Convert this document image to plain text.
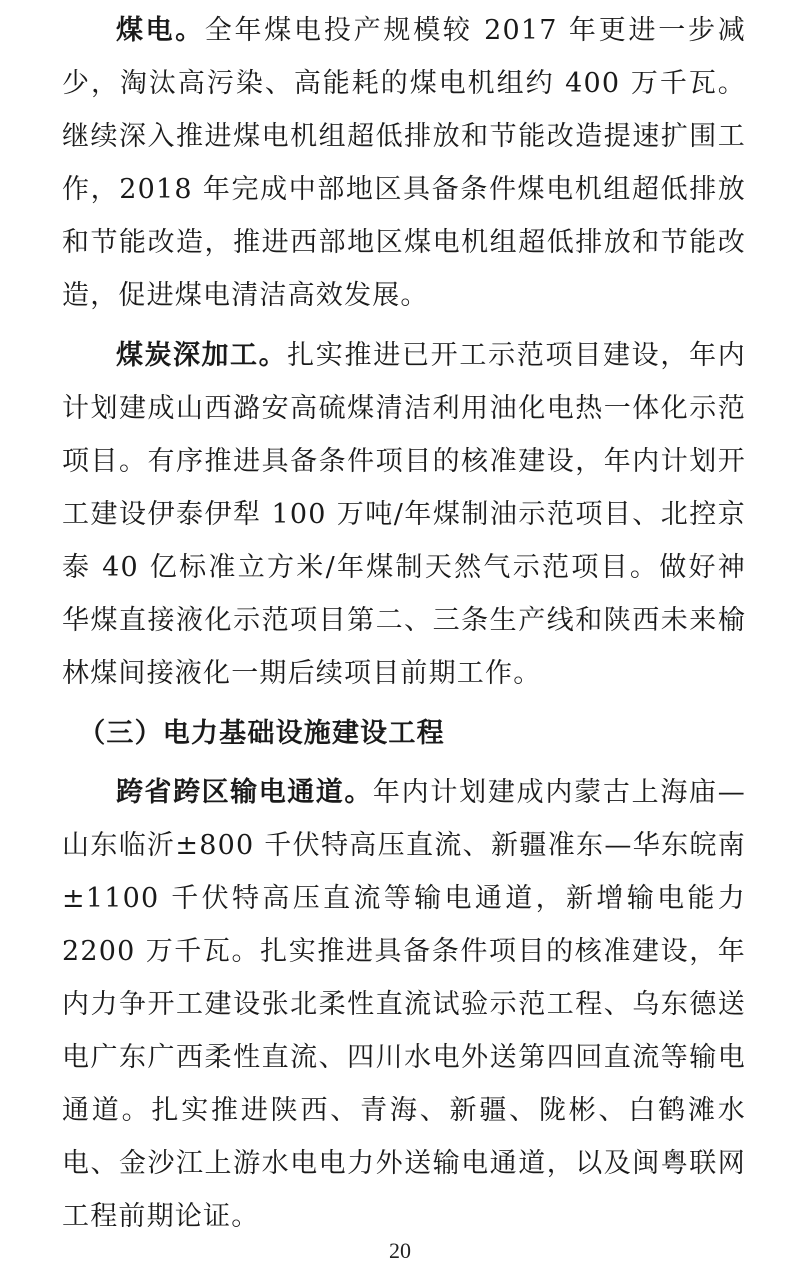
煤电。全年煤电投产规模较 2017 年更进一步减少，淘汰高污染、高能耗的煤电机组约 400 万千瓦。继续深入推进煤电机组超低排放和节能改造提速扩围工作，2018 年完成中部地区具备条件煤电机组超低排放和节能改造，推进西部地区煤电机组超低排放和节能改造，促进煤电清洁高效发展。

煤炭深加工。扎实推进已开工示范项目建设，年内计划建成山西潞安高硫煤清洁利用油化电热一体化示范项目。有序推进具备条件项目的核准建设，年内计划开工建设伊泰伊犁 100 万吨/年煤制油示范项目、北控京泰 40 亿标准立方米/年煤制天然气示范项目。做好神华煤直接液化示范项目第二、三条生产线和陕西未来榆林煤间接液化一期后续项目前期工作。

（三）电力基础设施建设工程

跨省跨区输电通道。年内计划建成内蒙古上海庙—山东临沂±800 千伏特高压直流、新疆准东—华东皖南±1100 千伏特高压直流等输电通道，新增输电能力 2200 万千瓦。扎实推进具备条件项目的核准建设，年内力争开工建设张北柔性直流试验示范工程、乌东德送电广东广西柔性直流、四川水电外送第四回直流等输电通道。扎实推进陕西、青海、新疆、陇彬、白鹤滩水电、金沙江上游水电电力外送输电通道，以及闽粤联网工程前期论证。

20
